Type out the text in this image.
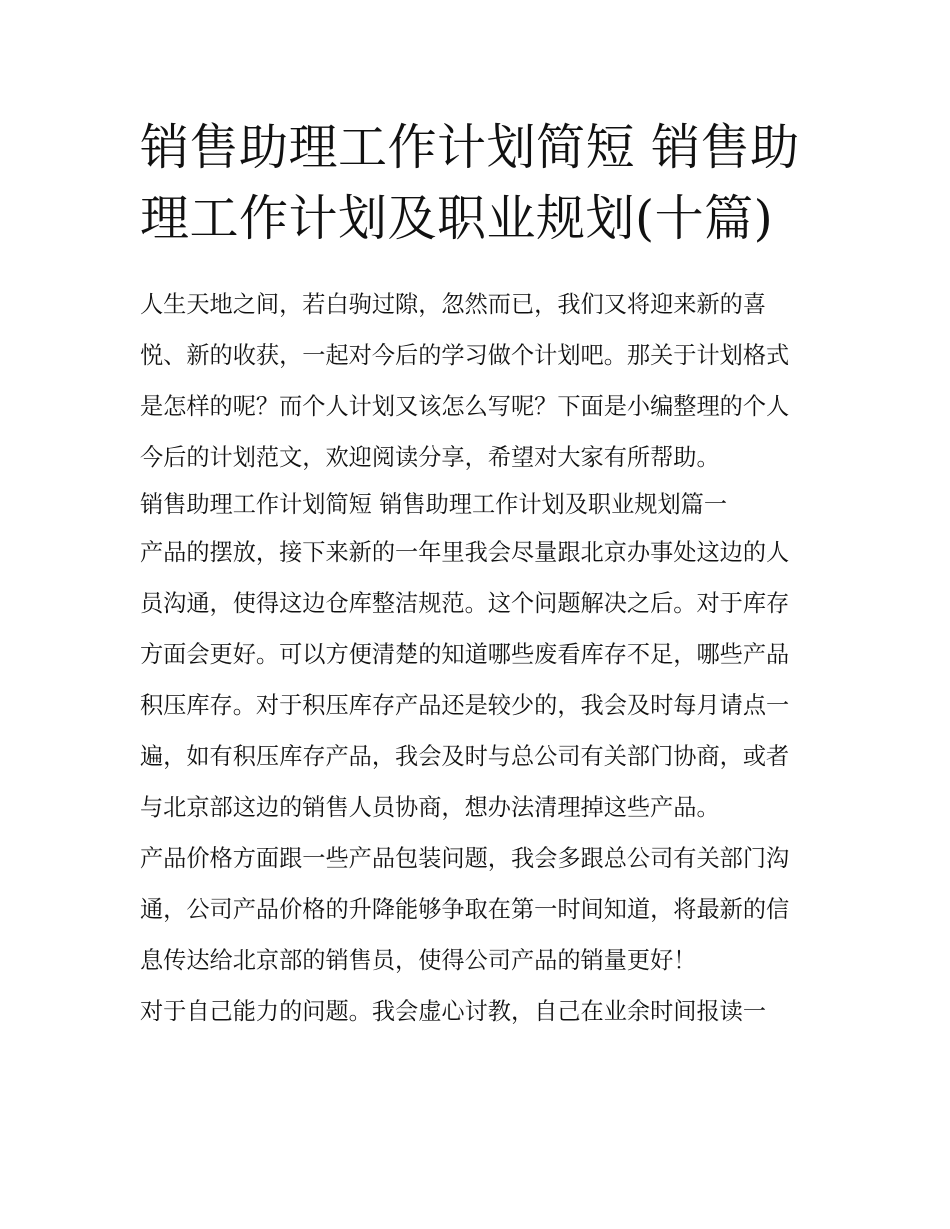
销售助理工作计划简短 销售助理工作计划及职业规划(十篇)

人生天地之间，若白驹过隙，忽然而已，我们又将迎来新的喜悦、新的收获，一起对今后的学习做个计划吧。那关于计划格式是怎样的呢？而个人计划又该怎么写呢？下面是小编整理的个人今后的计划范文，欢迎阅读分享，希望对大家有所帮助。

销售助理工作计划简短 销售助理工作计划及职业规划篇一

产品的摆放，接下来新的一年里我会尽量跟北京办事处这边的人员沟通，使得这边仓库整洁规范。这个问题解决之后。对于库存方面会更好。可以方便清楚的知道哪些废看库存不足，哪些产品积压库存。对于积压库存产品还是较少的，我会及时每月请点一遍，如有积压库存产品，我会及时与总公司有关部门协商，或者与北京部这边的销售人员协商，想办法清理掉这些产品。

产品价格方面跟一些产品包装问题，我会多跟总公司有关部门沟通，公司产品价格的升降能够争取在第一时间知道，将最新的信息传达给北京部的销售员，使得公司产品的销量更好！

对于自己能力的问题。我会虚心讨教，自己在业余时间报读一
